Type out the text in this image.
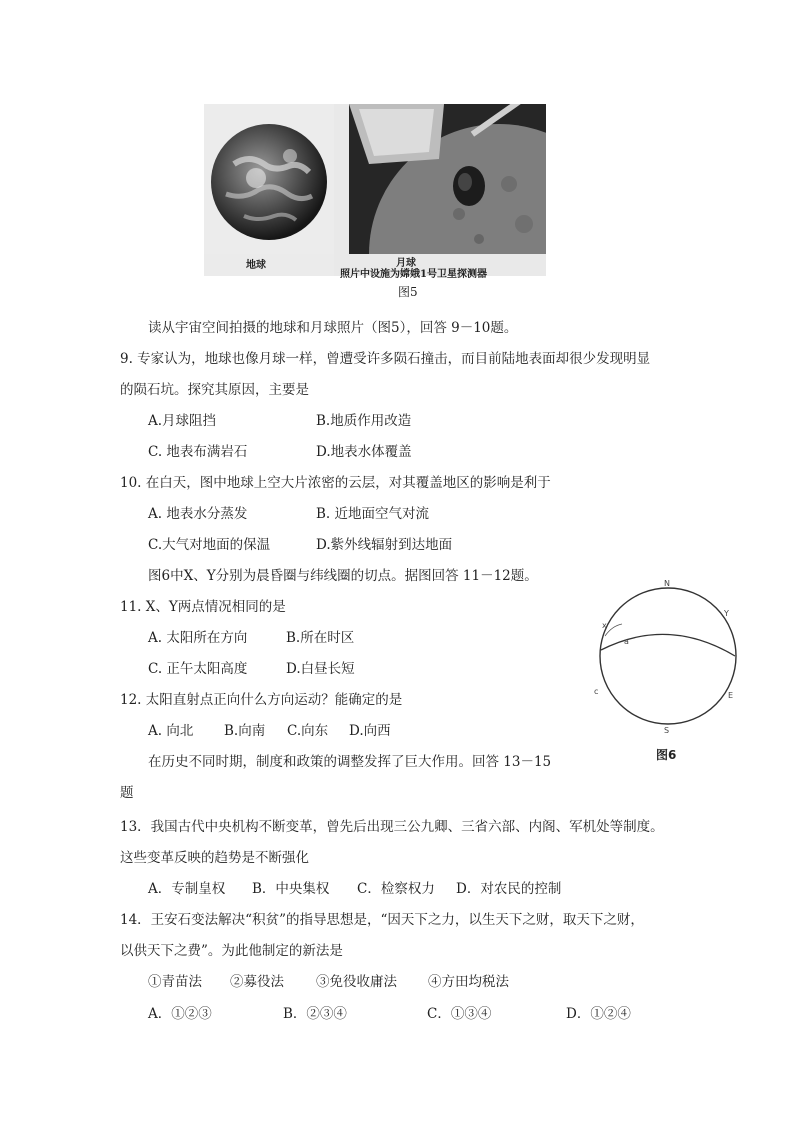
地球	月球
照片中设施为嫦娥1号卫星探测器
图5
读从宇宙空间拍摄的地球和月球照片（图5），回答 9－10题。
9. 专家认为，地球也像月球一样，曾遭受许多陨石撞击，而目前陆地表面却很少发现明显
的陨石坑。探究其原因，主要是
A.月球阻挡	B.地质作用改造
C. 地表布满岩石	D.地表水体覆盖
10. 在白天，图中地球上空大片浓密的云层，对其覆盖地区的影响是利于
A. 地表水分蒸发	B. 近地面空气对流
C.大气对地面的保温	D.紫外线辐射到达地面
图6中X、Y分别为晨昏圈与纬线圈的切点。据图回答 11－12题。
11. X、Y两点情况相同的是
A. 太阳所在方向	B.所在时区
C. 正午太阳高度	D.白昼长短
12. 太阳直射点正向什么方向运动？能确定的是
A. 向北 B.向南 C.向东 D.向西
N
x
Y
a
c	E
S
图6
在历史不同时期，制度和政策的调整发挥了巨大作用。回答 13－15
题
13．我国古代中央机构不断变革，曾先后出现三公九卿、三省六部、内阁、军机处等制度。
这些变革反映的趋势是不断强化
A．专制皇权 B．中央集权 C．检察权力 D．对农民的控制
14．王安石变法解决“积贫”的指导思想是，“因天下之力，以生天下之财，取天下之财，
以供天下之费”。为此他制定的新法是
①青苗法 ②募役法 ③免役收庸法 ④方田均税法
A．①②③	B．②③④	C．①③④	D．①②④
